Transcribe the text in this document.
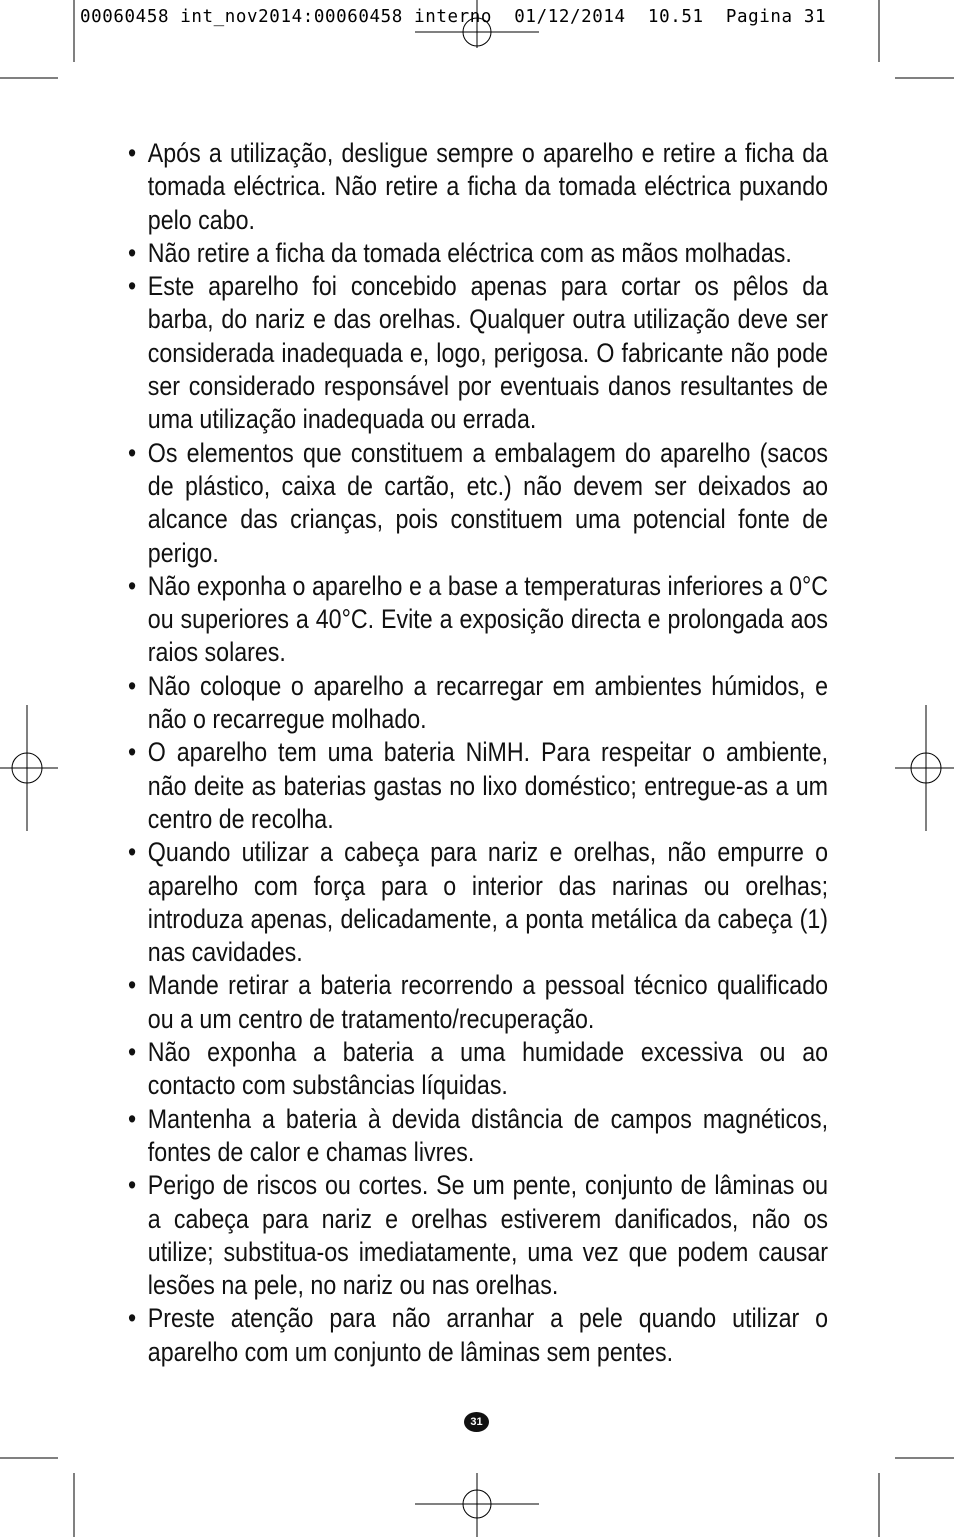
00060458 int_nov2014:00060458 interno  01/12/2014  10.51  Pagina 31

• Após a utilização, desligue sempre o aparelho e retire a ficha da tomada eléctrica. Não retire a ficha da tomada eléctrica puxando pelo cabo.

• Não retire a ficha da tomada eléctrica com as mãos molhadas.

• Este aparelho foi concebido apenas para cortar os pêlos da barba, do nariz e das orelhas. Qualquer outra utilização deve ser considerada inadequada e, logo, perigosa. O fabricante não pode ser considerado responsável por eventuais danos resultantes de uma utilização inadequada ou errada.

• Os elementos que constituem a embalagem do aparelho (sacos de plástico, caixa de cartão, etc.) não devem ser deixados ao alcance das crianças, pois constituem uma potencial fonte de perigo.

• Não exponha o aparelho e a base a temperaturas inferiores a 0°C ou superiores a 40°C. Evite a exposição directa e prolongada aos raios solares.

• Não coloque o aparelho a recarregar em ambientes húmidos, e não o recarregue molhado.

• O aparelho tem uma bateria NiMH. Para respeitar o ambiente, não deite as baterias gastas no lixo doméstico; entregue-as a um centro de recolha.

• Quando utilizar a cabeça para nariz e orelhas, não empurre o aparelho com força para o interior das narinas ou orelhas; introduza apenas, delicadamente, a ponta metálica da cabeça (1) nas cavidades.

• Mande retirar a bateria recorrendo a pessoal técnico qualificado ou a um centro de tratamento/recuperação.

• Não exponha a bateria a uma humidade excessiva ou ao contacto com substâncias líquidas.

• Mantenha a bateria à devida distância de campos magnéticos, fontes de calor e chamas livres.

• Perigo de riscos ou cortes. Se um pente, conjunto de lâminas ou a cabeça para nariz e orelhas estiverem danificados, não os utilize; substitua-os imediatamente, uma vez que podem causar lesões na pele, no nariz ou nas orelhas.

• Preste atenção para não arranhar a pele quando utilizar o aparelho com um conjunto de lâminas sem pentes.

31
